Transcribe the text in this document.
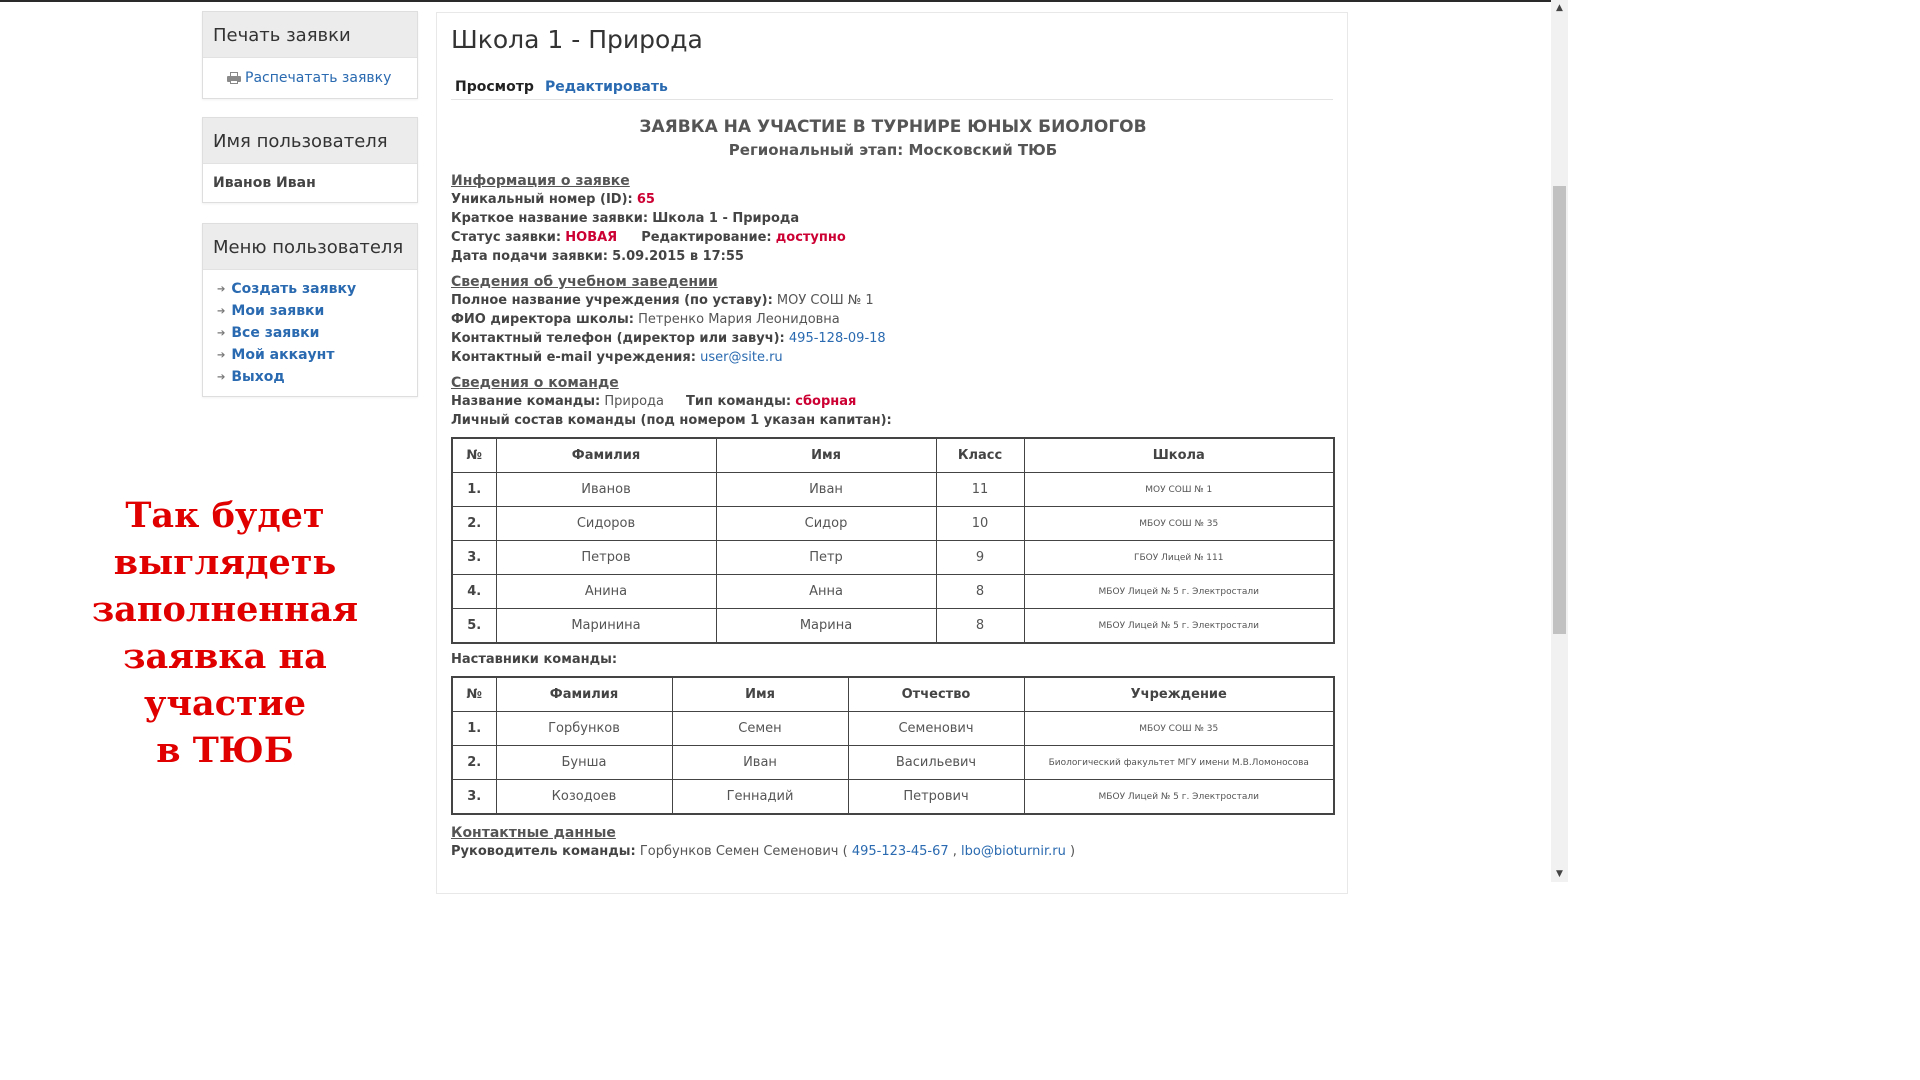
Печать заявки
Распечатать заявку
Имя пользователя
Иванов Иван
Меню пользователя
➔ Создать заявку
➔ Мои заявки
➔ Все заявки
➔ Мой аккаунт
➔ Выход
Так будет
выглядеть
заполненная
заявка на участие
в ТЮБ
Школа 1 - Природа
Просмотр Редактировать
ЗАЯВКА НА УЧАСТИЕ В ТУРНИРЕ ЮНЫХ БИОЛОГОВ
Региональный этап: Московский ТЮБ
Информация о заявке
Уникальный номер (ID): 65
Краткое название заявки: Школа 1 - Природа
Статус заявки: НОВАЯ Редактирование: доступно
Дата подачи заявки: 5.09.2015 в 17:55
Сведения об учебном заведении
Полное название учреждения (по уставу): МОУ СОШ № 1
ФИО директора школы: Петренко Мария Леонидовна
Контактный телефон (директор или завуч): 495-128-09-18
Контактный e-mail учреждения: user@site.ru
Сведения о команде
Название команды: Природа Тип команды: сборная
Личный состав команды (под номером 1 указан капитан):
№	Фамилия	Имя	Класс	Школа
1.	Иванов	Иван	11	МОУ СОШ № 1
2.	Сидоров	Сидор	10	МБОУ СОШ № 35
3.	Петров	Петр	9	ГБОУ Лицей № 111
4.	Анина	Анна	8	МБОУ Лицей № 5 г. Электростали
5.	Маринина	Марина	8	МБОУ Лицей № 5 г. Электростали
Наставники команды:
№	Фамилия	Имя	Отчество	Учреждение
1.	Горбунков	Семен	Семенович	МБОУ СОШ № 35
2.	Бунша	Иван	Васильевич	Биологический факультет МГУ имени М.В.Ломоносова
3.	Козодоев	Геннадий	Петрович	МБОУ Лицей № 5 г. Электростали
Контактные данные
Руководитель команды: Горбунков Семен Семенович ( 495-123-45-67 , lbo@bioturnir.ru )
▲
▼
